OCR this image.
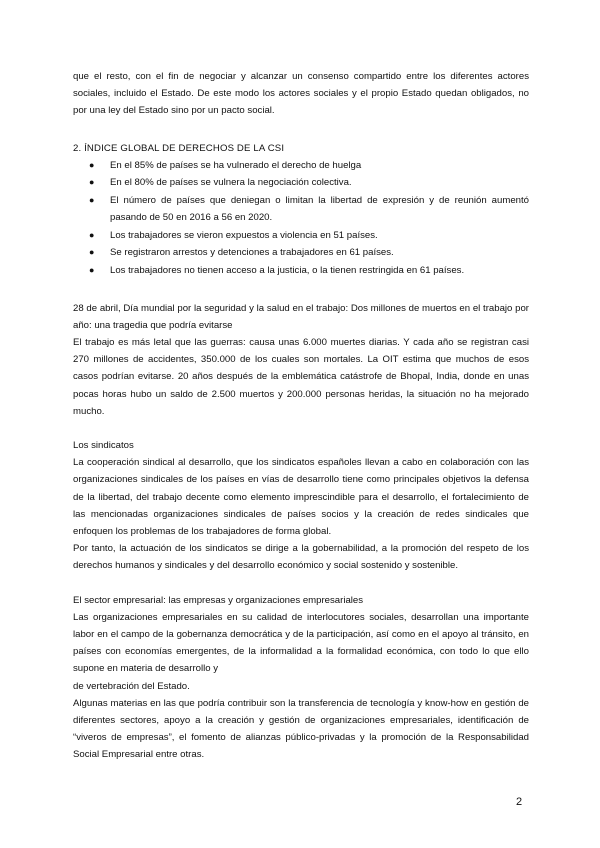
que el resto, con el fin de negociar y alcanzar un consenso compartido entre los diferentes actores sociales, incluido el Estado. De este modo los actores sociales y el propio Estado quedan obligados, no por una ley del Estado sino por un pacto social.

2. ÍNDICE GLOBAL DE DERECHOS DE LA CSI

● En el 85% de países se ha vulnerado el derecho de huelga
● En el 80% de países se vulnera la negociación colectiva.
● El número de países que deniegan o limitan la libertad de expresión y de reunión aumentó pasando de 50 en 2016 a 56 en 2020.
● Los trabajadores se vieron expuestos a violencia en 51 países.
● Se registraron arrestos y detenciones a trabajadores en 61 países.
● Los trabajadores no tienen acceso a la justicia, o la tienen restringida en 61 países.

28 de abril, Día mundial por la seguridad y la salud en el trabajo: Dos millones de muertos en el trabajo por año: una tragedia que podría evitarse

El trabajo es más letal que las guerras: causa unas 6.000 muertes diarias. Y cada año se registran casi 270 millones de accidentes, 350.000 de los cuales son mortales. La OIT estima que muchos de esos casos podrían evitarse. 20 años después de la emblemática catástrofe de Bhopal, India, donde en unas pocas horas hubo un saldo de 2.500 muertos y 200.000 personas heridas, la situación no ha mejorado mucho.

Los sindicatos

La cooperación sindical al desarrollo, que los sindicatos españoles llevan a cabo en colaboración con las organizaciones sindicales de los países en vías de desarrollo tiene como principales objetivos la defensa de la libertad, del trabajo decente como elemento imprescindible para el desarrollo, el fortalecimiento de las mencionadas organizaciones sindicales de países socios y la creación de redes sindicales que enfoquen los problemas de los trabajadores de forma global.

Por tanto, la actuación de los sindicatos se dirige a la gobernabilidad, a la promoción del respeto de los derechos humanos y sindicales y del desarrollo económico y social sostenido y sostenible.

El sector empresarial: las empresas y organizaciones empresariales

Las organizaciones empresariales en su calidad de interlocutores sociales, desarrollan una importante labor en el campo de la gobernanza democrática y de la participación, así como en el apoyo al tránsito, en países con economías emergentes, de la informalidad a la formalidad económica, con todo lo que ello supone en materia de desarrollo y

de vertebración del Estado.

Algunas materias en las que podría contribuir son la transferencia de tecnología y know-how en gestión de diferentes sectores, apoyo a la creación y gestión de organizaciones empresariales, identificación de “viveros de empresas”, el fomento de alianzas público-privadas y la promoción de la Responsabilidad Social Empresarial entre otras.

2
